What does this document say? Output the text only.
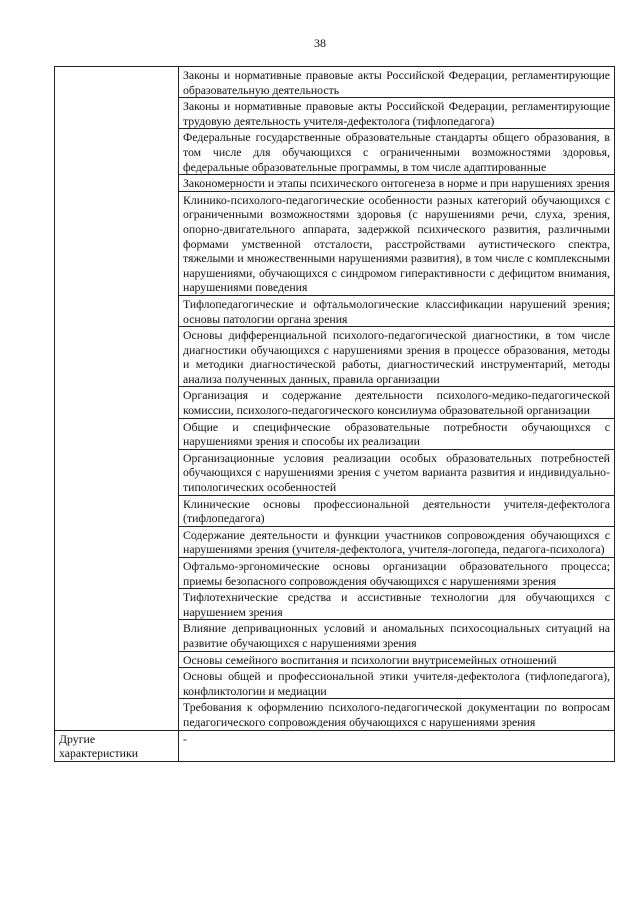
38
	Законы и нормативные правовые акты Российской Федерации, регламентирующие образовательную деятельность
	Законы и нормативные правовые акты Российской Федерации, регламентирующие трудовую деятельность учителя-дефектолога (тифлопедагога)
	Федеральные государственные образовательные стандарты общего образования, в том числе для обучающихся с ограниченными возможностями здоровья, федеральные образовательные программы, в том числе адаптированные
	Закономерности и этапы психического онтогенеза в норме и при нарушениях зрения
	Клинико-психолого-педагогические особенности разных категорий обучающихся с ограниченными возможностями здоровья (с нарушениями речи, слуха, зрения, опорно-двигательного аппарата, задержкой психического развития, различными формами умственной отсталости, расстройствами аутистического спектра, тяжелыми и множественными нарушениями развития), в том числе с комплексными нарушениями, обучающихся с синдромом гиперактивности с дефицитом внимания, нарушениями поведения
	Тифлопедагогические и офтальмологические классификации нарушений зрения; основы патологии органа зрения
	Основы дифференциальной психолого-педагогической диагностики, в том числе диагностики обучающихся с нарушениями зрения в процессе образования, методы и методики диагностической работы, диагностический инструментарий, методы анализа полученных данных, правила организации
	Организация и содержание деятельности психолого-медико-педагогической комиссии, психолого-педагогического консилиума образовательной организации
	Общие и специфические образовательные потребности обучающихся с нарушениями зрения и способы их реализации
	Организационные условия реализации особых образовательных потребностей обучающихся с нарушениями зрения с учетом варианта развития и индивидуально-типологических особенностей
	Клинические основы профессиональной деятельности учителя-дефектолога (тифлопедагога)
	Содержание деятельности и функции участников сопровождения обучающихся с нарушениями зрения (учителя-дефектолога, учителя-логопеда, педагога-психолога)
	Офтальмо-эргономические основы организации образовательного процесса; приемы безопасного сопровождения обучающихся с нарушениями зрения
	Тифлотехнические средства и ассистивные технологии для обучающихся с нарушением зрения
	Влияние депривационных условий и аномальных психосоциальных ситуаций на развитие обучающихся с нарушениями зрения
	Основы семейного воспитания и психологии внутрисемейных отношений
	Основы общей и профессиональной этики учителя-дефектолога (тифлопедагога), конфликтологии и медиации
	Требования к оформлению психолого-педагогической документации по вопросам педагогического сопровождения обучающихся с нарушениями зрения
Другие характеристики	-
